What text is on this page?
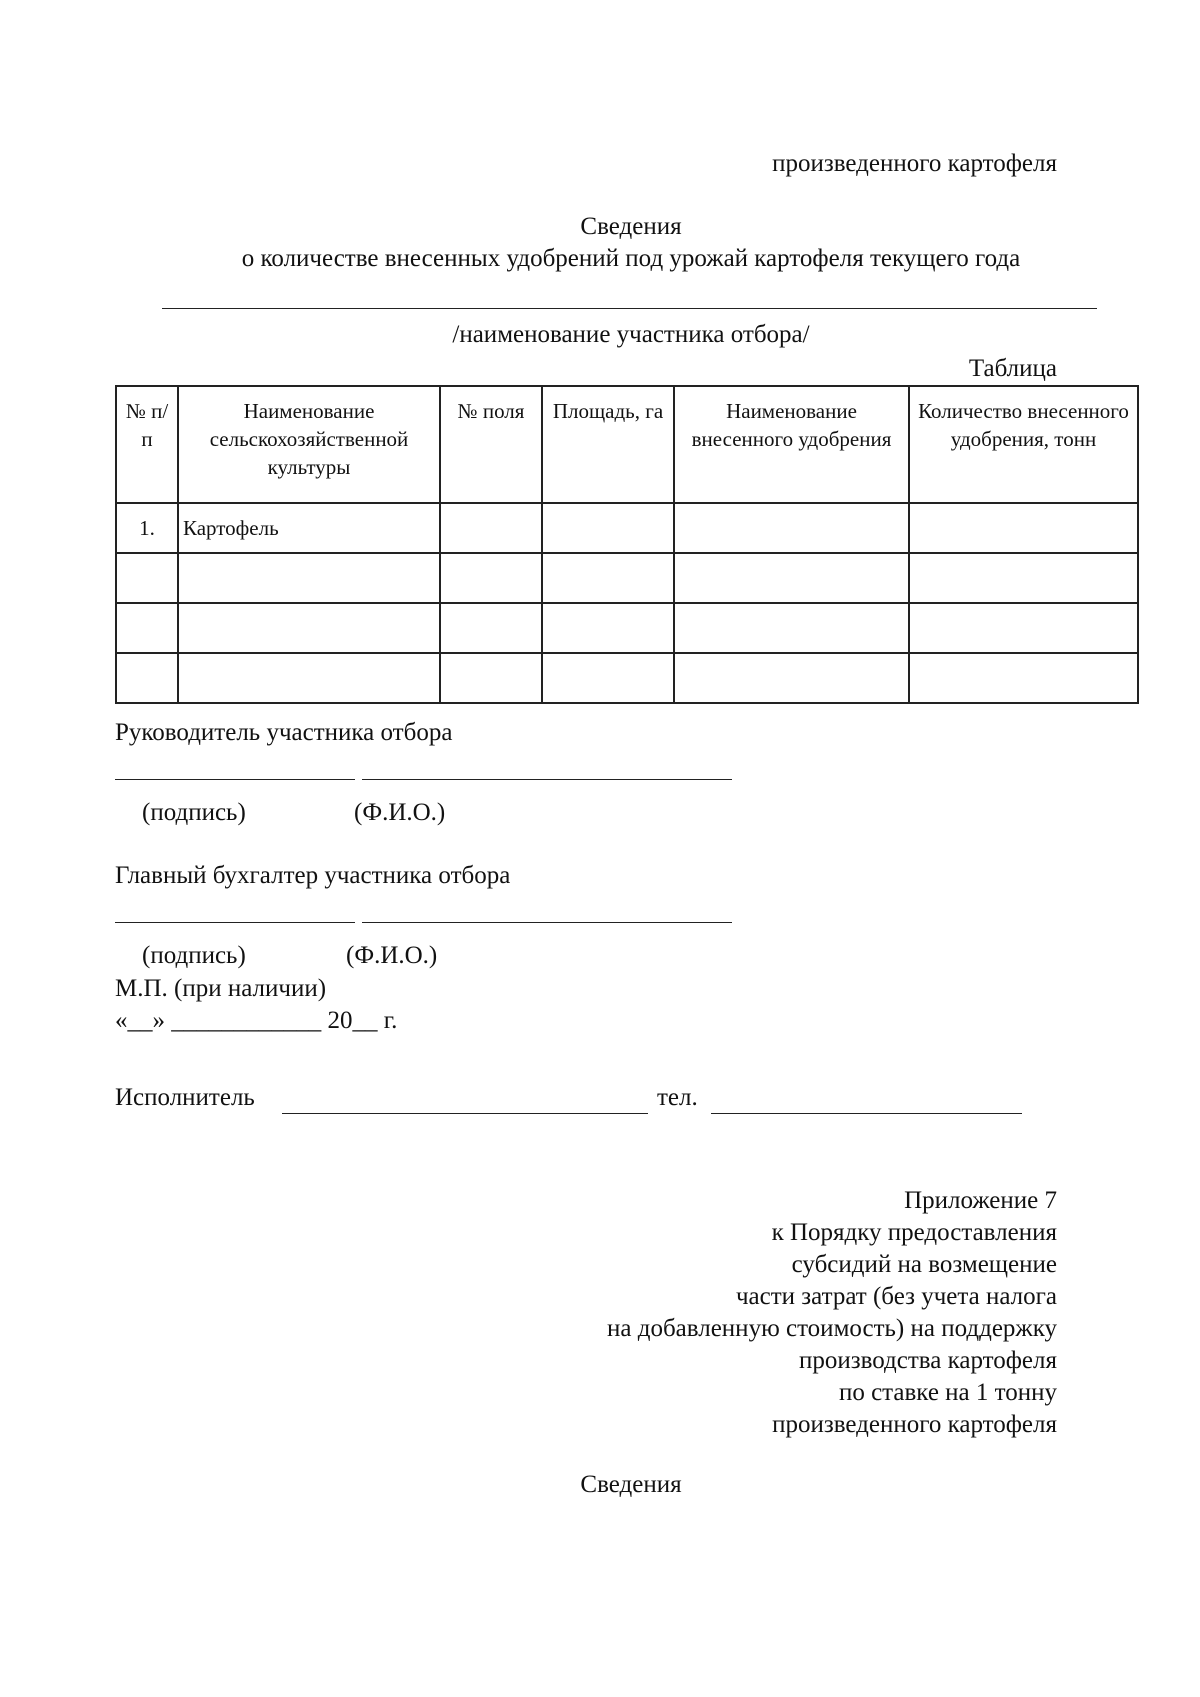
произведенного картофеля
Сведения
о количестве внесенных удобрений под урожай картофеля текущего года
/наименование участника отбора/
Таблица
№ п/п	Наименование сельскохозяйственной культуры	№ поля	Площадь, га	Наименование внесенного удобрения	Количество внесенного удобрения, тонн
1.	Картофель				

Руководитель участника отбора
(подпись)	(Ф.И.О.)
Главный бухгалтер участника отбора
(подпись)	(Ф.И.О.)
М.П. (при наличии)
«__» ____________ 20__ г.
Исполнитель	тел.
Приложение 7
к Порядку предоставления
субсидий на возмещение
части затрат (без учета налога
на добавленную стоимость) на поддержку
производства картофеля
по ставке на 1 тонну
произведенного картофеля
Сведения
